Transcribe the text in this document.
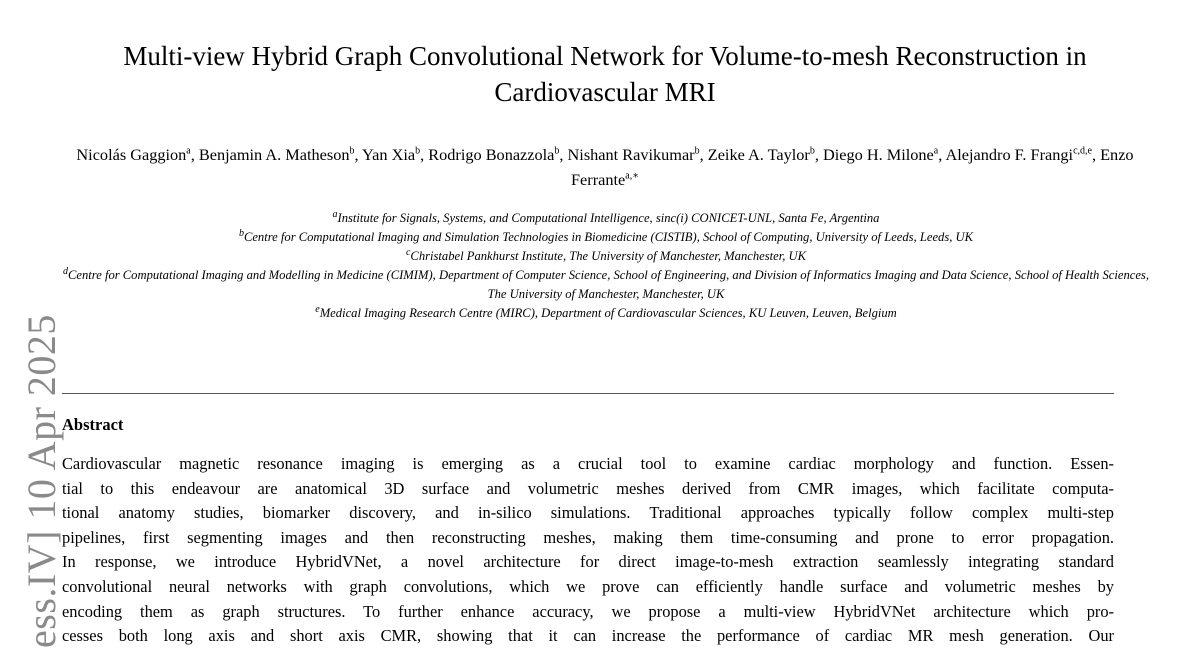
Multi-view Hybrid Graph Convolutional Network for Volume-to-mesh Reconstruction in
Cardiovascular MRI
Nicolás Gaggion$^a$, Benjamin A. Matheson$^b$, Yan Xia$^b$, Rodrigo Bonazzola$^b$, Nishant Ravikumar$^b$, Zeike A. Taylor$^b$, Diego H. Milone$^a$, Alejandro F. Frangi$^{c,d,e}$, Enzo Ferrante$^{a,∗}$
$^a$Institute for Signals, Systems, and Computational Intelligence, sinc(i) CONICET-UNL, Santa Fe, Argentina
$^b$Centre for Computational Imaging and Simulation Technologies in Biomedicine (CISTIB), School of Computing, University of Leeds, Leeds, UK
$^c$Christabel Pankhurst Institute, The University of Manchester, Manchester, UK
$^d$Centre for Computational Imaging and Modelling in Medicine (CIMIM), Department of Computer Science, School of Engineering, and Division of Informatics Imaging and Data Science, School of Health Sciences, The University of Manchester, Manchester, UK
$^e$Medical Imaging Research Centre (MIRC), Department of Cardiovascular Sciences, KU Leuven, Leuven, Belgium
Abstract
Cardiovascular magnetic resonance imaging is emerging as a crucial tool to examine cardiac morphology and function. Essen-
tial to this endeavour are anatomical 3D surface and volumetric meshes derived from CMR images, which facilitate computa-
tional anatomy studies, biomarker discovery, and in-silico simulations. Traditional approaches typically follow complex multi-step
pipelines, first segmenting images and then reconstructing meshes, making them time-consuming and prone to error propagation.
In response, we introduce HybridVNet, a novel architecture for direct image-to-mesh extraction seamlessly integrating standard
convolutional neural networks with graph convolutions, which we prove can efficiently handle surface and volumetric meshes by
encoding them as graph structures. To further enhance accuracy, we propose a multi-view HybridVNet architecture which pro-
cesses both long axis and short axis CMR, showing that it can increase the performance of cardiac MR mesh generation. Our
ess.IV] 10 Apr 2025
